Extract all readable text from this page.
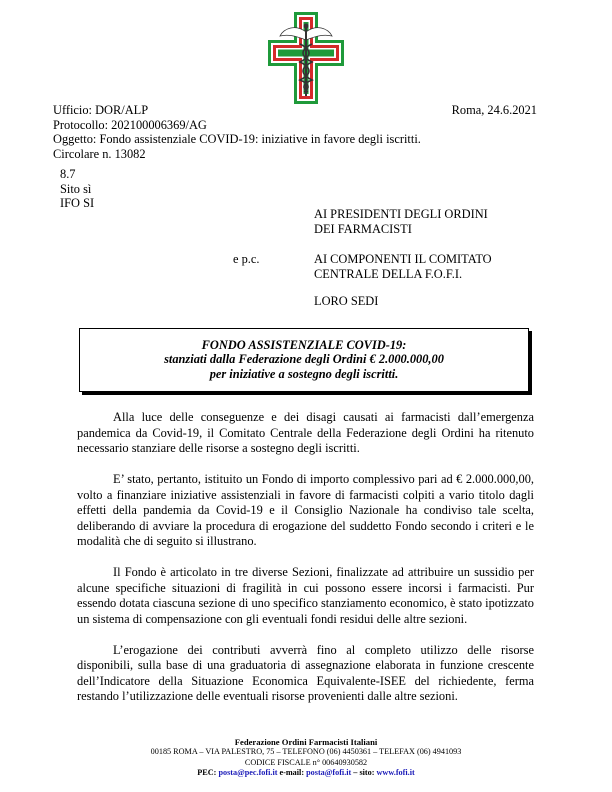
Ufficio: DOR/ALP
Protocollo: 202100006369/AG
Oggetto: Fondo assistenziale COVID-19: iniziative in favore degli iscritti.
Circolare n. 13082
Roma, 24.6.2021
8.7
Sito sì
IFO SI
AI PRESIDENTI DEGLI ORDINI
DEI FARMACISTI
e p.c.	AI COMPONENTI IL COMITATO
CENTRALE DELLA F.O.F.I.
LORO SEDI
FONDO ASSISTENZIALE COVID-19:
stanziati dalla Federazione degli Ordini € 2.000.000,00
per iniziative a sostegno degli iscritti.

Alla luce delle conseguenze e dei disagi causati ai farmacisti dall’emergenza pandemica da Covid-19, il Comitato Centrale della Federazione degli Ordini ha ritenuto necessario stanziare delle risorse a sostegno degli iscritti.

E’ stato, pertanto, istituito un Fondo di importo complessivo pari ad € 2.000.000,00, volto a finanziare iniziative assistenziali in favore di farmacisti colpiti a vario titolo dagli effetti della pandemia da Covid-19 e il Consiglio Nazionale ha condiviso tale scelta, deliberando di avviare la procedura di erogazione del suddetto Fondo secondo i criteri e le modalità che di seguito si illustrano.

Il Fondo è articolato in tre diverse Sezioni, finalizzate ad attribuire un sussidio per alcune specifiche situazioni di fragilità in cui possono essere incorsi i farmacisti. Pur essendo dotata ciascuna sezione di uno specifico stanziamento economico, è stato ipotizzato un sistema di compensazione con gli eventuali fondi residui delle altre sezioni.

L’erogazione dei contributi avverrà fino al completo utilizzo delle risorse disponibili, sulla base di una graduatoria di assegnazione elaborata in funzione crescente dell’Indicatore della Situazione Economica Equivalente-ISEE del richiedente, ferma restando l’utilizzazione delle eventuali risorse provenienti dalle altre sezioni.

Federazione Ordini Farmacisti Italiani
00185 ROMA – VIA PALESTRO, 75 – TELEFONO (06) 4450361 – TELEFAX (06) 4941093
CODICE FISCALE n° 00640930582
PEC: posta@pec.fofi.it e-mail: posta@fofi.it – sito: www.fofi.it
